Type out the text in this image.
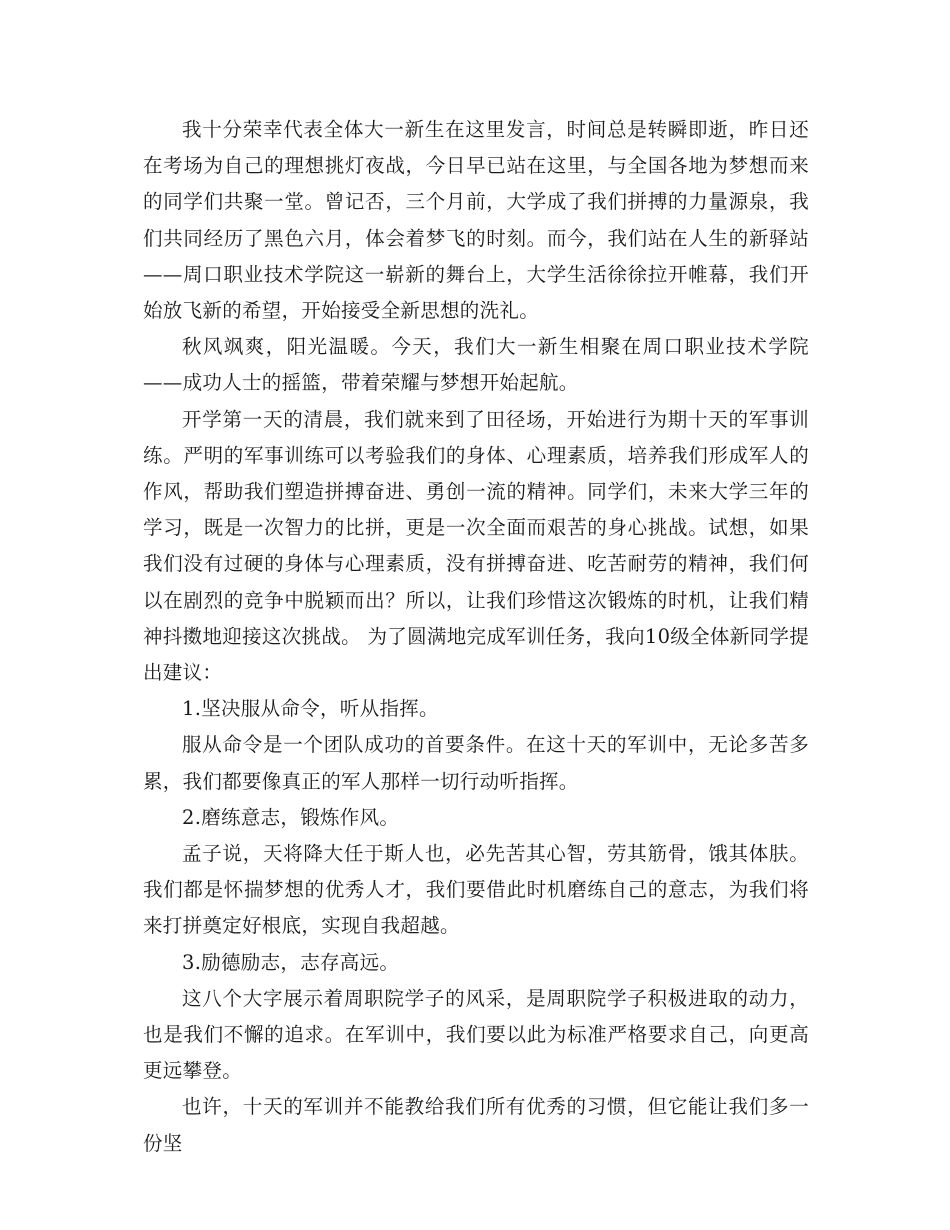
我十分荣幸代表全体大一新生在这里发言，时间总是转瞬即逝，昨日还在考场为自己的理想挑灯夜战，今日早已站在这里，与全国各地为梦想而来的同学们共聚一堂。曾记否，三个月前，大学成了我们拼搏的力量源泉，我们共同经历了黑色六月，体会着梦飞的时刻。而今，我们站在人生的新驿站——周口职业技术学院这一崭新的舞台上，大学生活徐徐拉开帷幕，我们开始放飞新的希望，开始接受全新思想的洗礼。

秋风飒爽，阳光温暖。今天，我们大一新生相聚在周口职业技术学院——成功人士的摇篮，带着荣耀与梦想开始起航。

开学第一天的清晨，我们就来到了田径场，开始进行为期十天的军事训练。严明的军事训练可以考验我们的身体、心理素质，培养我们形成军人的作风，帮助我们塑造拼搏奋进、勇创一流的精神。同学们，未来大学三年的学习，既是一次智力的比拼，更是一次全面而艰苦的身心挑战。试想，如果我们没有过硬的身体与心理素质，没有拼搏奋进、吃苦耐劳的精神，我们何以在剧烈的竞争中脱颖而出？所以，让我们珍惜这次锻炼的时机，让我们精神抖擞地迎接这次挑战。 为了圆满地完成军训任务，我向10级全体新同学提出建议：

1.坚决服从命令，听从指挥。

服从命令是一个团队成功的首要条件。在这十天的军训中，无论多苦多累，我们都要像真正的军人那样一切行动听指挥。

2.磨练意志，锻炼作风。

孟子说，天将降大任于斯人也，必先苦其心智，劳其筋骨，饿其体肤。我们都是怀揣梦想的优秀人才，我们要借此时机磨练自己的意志，为我们将来打拼奠定好根底，实现自我超越。

3.励德励志，志存高远。

这八个大字展示着周职院学子的风采，是周职院学子积极进取的动力，也是我们不懈的追求。在军训中，我们要以此为标准严格要求自己，向更高更远攀登。

也许，十天的军训并不能教给我们所有优秀的习惯，但它能让我们多一份坚
